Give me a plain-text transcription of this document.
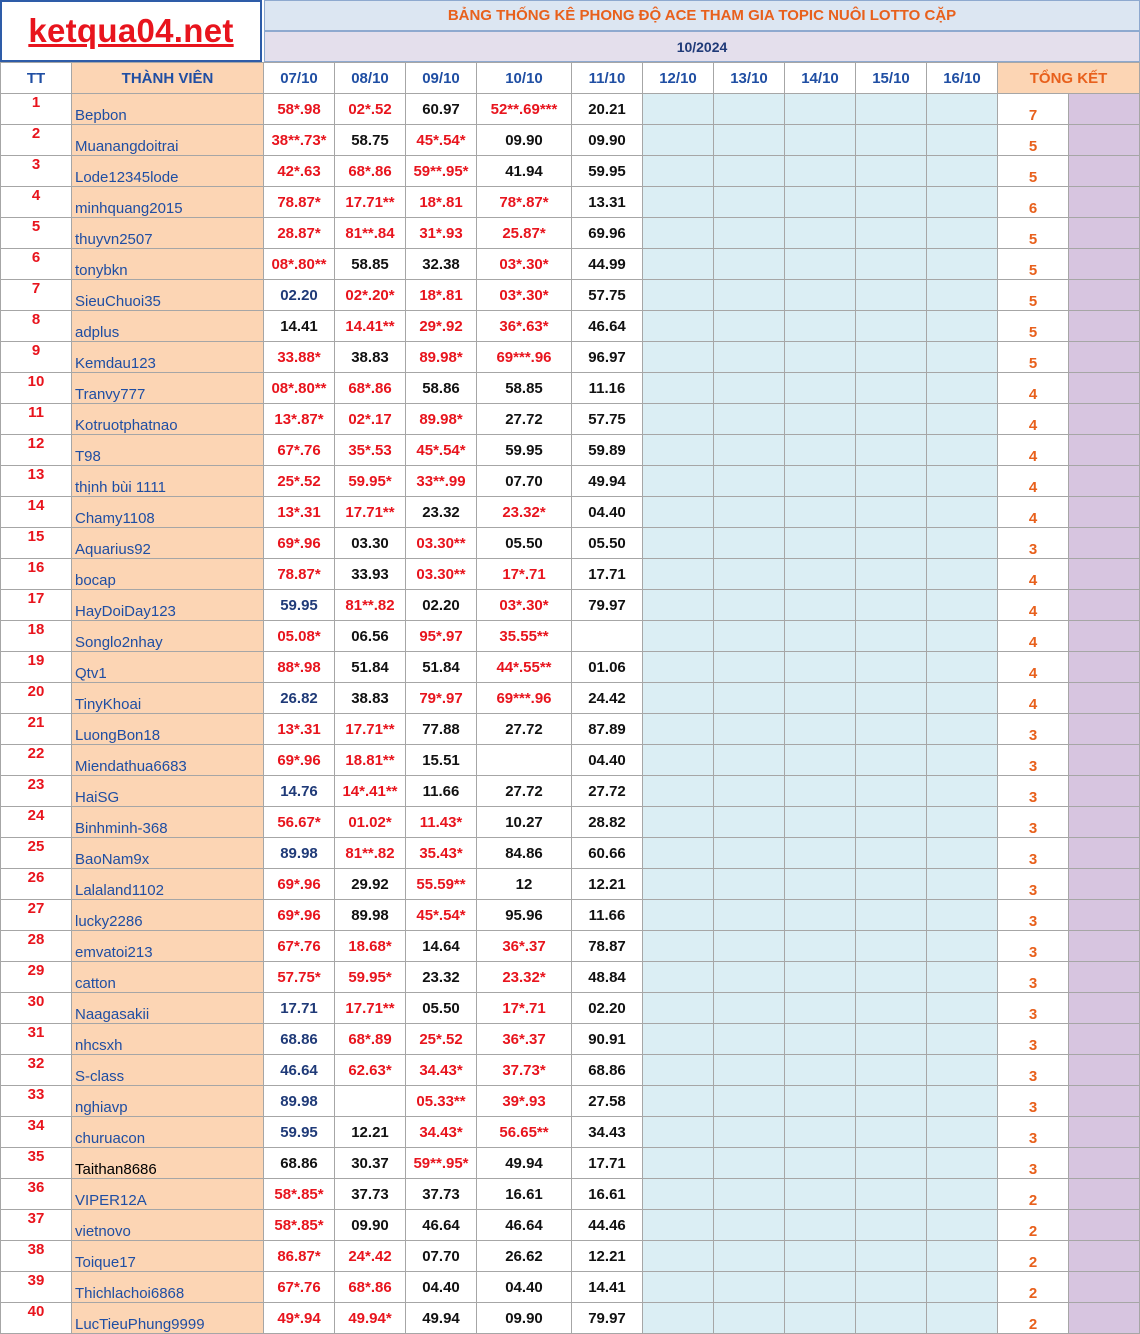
ketqua04.net	BẢNG THỐNG KÊ PHONG ĐỘ ACE THAM GIA TOPIC NUÔI LOTTO CẶP
10/2024
TT	THÀNH VIÊN	07/10	08/10	09/10	10/10	11/10	12/10	13/10	14/10	15/10	16/10	TỔNG KẾT	
1	Bepbon	58*.98	02*.52	60.97	52**.69***	20.21						7	
2	Muanangdoitrai	38**.73*	58.75	45*.54*	09.90	09.90						5	
3	Lode12345lode	42*.63	68*.86	59**.95*	41.94	59.95						5	
4	minhquang2015	78.87*	17.71**	18*.81	78*.87*	13.31						6	
5	thuyvn2507	28.87*	81**.84	31*.93	25.87*	69.96						5	
6	tonybkn	08*.80**	58.85	32.38	03*.30*	44.99						5	
7	SieuChuoi35	02.20	02*.20*	18*.81	03*.30*	57.75						5	
8	adplus	14.41	14.41**	29*.92	36*.63*	46.64						5	
9	Kemdau123	33.88*	38.83	89.98*	69***.96	96.97						5	
10	Tranvy777	08*.80**	68*.86	58.86	58.85	11.16						4	
11	Kotruotphatnao	13*.87*	02*.17	89.98*	27.72	57.75						4	
12	T98	67*.76	35*.53	45*.54*	59.95	59.89						4	
13	thịnh bùi 1111	25*.52	59.95*	33**.99	07.70	49.94						4	
14	Chamy1108	13*.31	17.71**	23.32	23.32*	04.40						4	
15	Aquarius92	69*.96	03.30	03.30**	05.50	05.50						3	
16	bocap	78.87*	33.93	03.30**	17*.71	17.71						4	
17	HayDoiDay123	59.95	81**.82	02.20	03*.30*	79.97						4	
18	Songlo2nhay	05.08*	06.56	95*.97	35.55**							4	
19	Qtv1	88*.98	51.84	51.84	44*.55**	01.06						4	
20	TinyKhoai	26.82	38.83	79*.97	69***.96	24.42						4	
21	LuongBon18	13*.31	17.71**	77.88	27.72	87.89						3	
22	Miendathua6683	69*.96	18.81**	15.51		04.40						3	
23	HaiSG	14.76	14*.41**	11.66	27.72	27.72						3	
24	Binhminh-368	56.67*	01.02*	11.43*	10.27	28.82						3	
25	BaoNam9x	89.98	81**.82	35.43*	84.86	60.66						3	
26	Lalaland1102	69*.96	29.92	55.59**	12	12.21						3	
27	lucky2286	69*.96	89.98	45*.54*	95.96	11.66						3	
28	emvatoi213	67*.76	18.68*	14.64	36*.37	78.87						3	
29	catton	57.75*	59.95*	23.32	23.32*	48.84						3	
30	Naagasakii	17.71	17.71**	05.50	17*.71	02.20						3	
31	nhcsxh	68.86	68*.89	25*.52	36*.37	90.91						3	
32	S-class	46.64	62.63*	34.43*	37.73*	68.86						3	
33	nghiavp	89.98		05.33**	39*.93	27.58						3	
34	churuacon	59.95	12.21	34.43*	56.65**	34.43						3	
35	Taithan8686	68.86	30.37	59**.95*	49.94	17.71						3	
36	VIPER12A	58*.85*	37.73	37.73	16.61	16.61						2	
37	vietnovo	58*.85*	09.90	46.64	46.64	44.46						2	
38	Toique17	86.87*	24*.42	07.70	26.62	12.21						2	
39	Thichlachoi6868	67*.76	68*.86	04.40	04.40	14.41						2	
40	LucTieuPhung9999	49*.94	49.94*	49.94	09.90	79.97						2	
